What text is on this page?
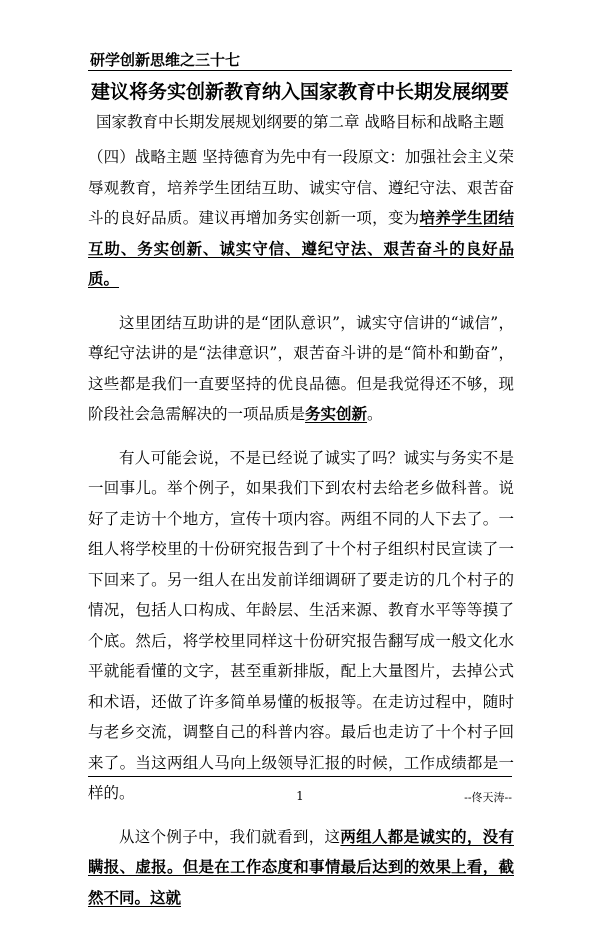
研学创新思维之三十七
建议将务实创新教育纳入国家教育中长期发展纲要
国家教育中长期发展规划纲要的第二章 战略目标和战略主题

（四）战略主题 坚持德育为先中有一段原文：加强社会主义荣辱观教育，培养学生团结互助、诚实守信、遵纪守法、艰苦奋斗的良好品质。建议再增加务实创新一项，变为培养学生团结互助、务实创新、诚实守信、遵纪守法、艰苦奋斗的良好品质。

这里团结互助讲的是“团队意识”，诚实守信讲的“诚信”，尊纪守法讲的是“法律意识”，艰苦奋斗讲的是“简朴和勤奋”，这些都是我们一直要坚持的优良品德。但是我觉得还不够，现阶段社会急需解决的一项品质是务实创新。

有人可能会说，不是已经说了诚实了吗？诚实与务实不是一回事儿。举个例子，如果我们下到农村去给老乡做科普。说好了走访十个地方，宣传十项内容。两组不同的人下去了。一组人将学校里的十份研究报告到了十个村子组织村民宣读了一下回来了。另一组人在出发前详细调研了要走访的几个村子的情况，包括人口构成、年龄层、生活来源、教育水平等等摸了个底。然后，将学校里同样这十份研究报告翻写成一般文化水平就能看懂的文字，甚至重新排版，配上大量图片，去掉公式和术语，还做了许多简单易懂的板报等。在走访过程中，随时与老乡交流，调整自己的科普内容。最后也走访了十个村子回来了。当这两组人马向上级领导汇报的时候，工作成绩都是一样的。

从这个例子中，我们就看到，这两组人都是诚实的，没有瞒报、虚报。但是在工作态度和事情最后达到的效果上看，截然不同。这就

1	--佟天涛--
